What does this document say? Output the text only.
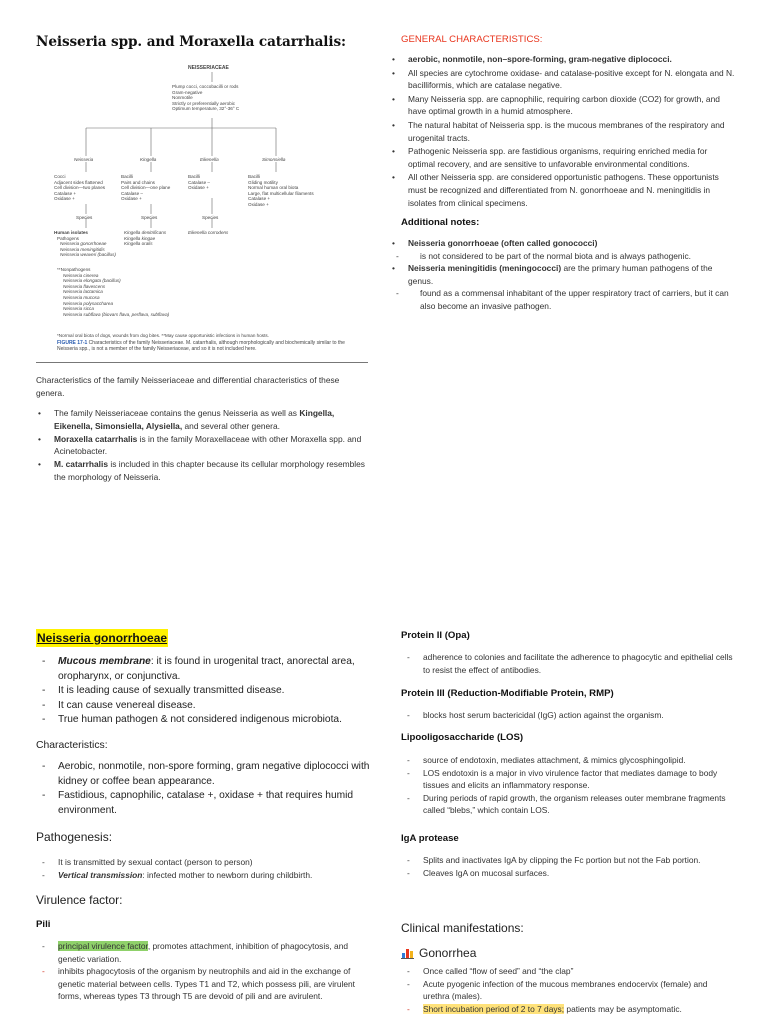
Neisseria spp. and Moraxella catarrhalis:
NEISSERIACEAE
Plump cocci, coccobacilli or rods
Gram-negative
Nonmotile
Strictly or preferentially aerobic
Optimum temperature, 32°-36° C
Neisseria	Kingella	Eikenella	Simonsiella
Cocci
Adjacent sides flattened
Cell division—two planes
Catalase +
Oxidase +
Bacilli
Pairs and chains
Cell division—one plane
Catalase –
Oxidase +
Bacilli
Catalase –
Oxidase +
Bacilli
Gliding motility
Normal human oral biota
Large, flat multicellular filaments
Catalase +
Oxidase +
Species	Species	Species
Human isolates
Pathogens
Neisseria gonorrhoeae
Neisseria meningitidis
Neisseria weaveri (bacillus)
Kingella denitrificans
Kingella kingae
Kingella oralis
Eikenella corrodens
**Nonpathogens
Neisseria cinerea
Neisseria elongata (bacillus)
Neisseria flavescens
Neisseria lactamica
Neisseria mucosa
Neisseria polysaccharea
Neisseria sicca
Neisseria subflava (biovars flava, perflava, subflava)
*Normal oral biota of dogs, wounds from dog bites. **May cause opportunistic infections in human hosts.
FIGURE 17-1 Characteristics of the family Neisseriaceae. M. catarrhalis, although morphologically and biochemically similar to the Neisseria spp., is not a member of the family Neisseriaceae, and so it is not included here.
Characteristics of the family Neisseriaceae and differential characteristics of these genera.
• The family Neisseriaceae contains the genus Neisseria as well as Kingella, Eikenella, Simonsiella, Alysiella, and several other genera.
• Moraxella catarrhalis is in the family Moraxellaceae with other Moraxella spp. and Acinetobacter.
• M. catarrhalis is included in this chapter because its cellular morphology resembles the morphology of Neisseria.
GENERAL CHARACTERISTICS:
• aerobic, nonmotile, non–spore-forming, gram-negative diplococci.
• All species are cytochrome oxidase- and catalase-positive except for N. elongata and N. bacilliformis, which are catalase negative.
• Many Neisseria spp. are capnophilic, requiring carbon dioxide (CO2) for growth, and have optimal growth in a humid atmosphere.
• The natural habitat of Neisseria spp. is the mucous membranes of the respiratory and urogenital tracts.
• Pathogenic Neisseria spp. are fastidious organisms, requiring enriched media for optimal recovery, and are sensitive to unfavorable environmental conditions.
• All other Neisseria spp. are considered opportunistic pathogens. These opportunists must be recognized and differentiated from N. gonorrhoeae and N. meningitidis in isolates from clinical specimens.
Additional notes:
• Neisseria gonorrhoeae (often called gonococci)
- is not considered to be part of the normal biota and is always pathogenic.
• Neisseria meningitidis (meningococci) are the primary human pathogens of the genus.
- found as a commensal inhabitant of the upper respiratory tract of carriers, but it can also become an invasive pathogen.
Neisseria gonorrhoeae
- Mucous membrane: it is found in urogenital tract, anorectal area, oropharynx, or conjunctiva.
- It is leading cause of sexually transmitted disease.
- It can cause venereal disease.
- True human pathogen & not considered indigenous microbiota.
Characteristics:
- Aerobic, nonmotile, non-spore forming, gram negative diplococci with kidney or coffee bean appearance.
- Fastidious, capnophilic, catalase +, oxidase + that requires humid environment.
Pathogenesis:
- It is transmitted by sexual contact (person to person)
- Vertical transmission: infected mother to newborn during childbirth.
Virulence factor:
Pili
- principal virulence factor, promotes attachment, inhibition of phagocytosis, and genetic variation.
- inhibits phagocytosis of the organism by neutrophils and aid in the exchange of genetic material between cells. Types T1 and T2, which possess pili, are virulent forms, whereas types T3 through T5 are devoid of pili and are avirulent.
Protein II (Opa)
- adherence to colonies and facilitate the adherence to phagocytic and epithelial cells to resist the effect of antibodies.
Protein III (Reduction-Modifiable Protein, RMP)
- blocks host serum bactericidal (IgG) action against the organism.
Lipooligosaccharide (LOS)
- source of endotoxin, mediates attachment, & mimics glycosphingolipid.
- LOS endotoxin is a major in vivo virulence factor that mediates damage to body tissues and elicits an inflammatory response.
- During periods of rapid growth, the organism releases outer membrane fragments called “blebs,” which contain LOS.
IgA protease
- Splits and inactivates IgA by clipping the Fc portion but not the Fab portion.
- Cleaves IgA on mucosal surfaces.
Clinical manifestations:
Gonorrhea
- Once called “flow of seed” and “the clap”
- Acute pyogenic infection of the mucous membranes endocervix (female) and urethra (males).
- Short incubation period of 2 to 7 days; patients may be asymptomatic.
